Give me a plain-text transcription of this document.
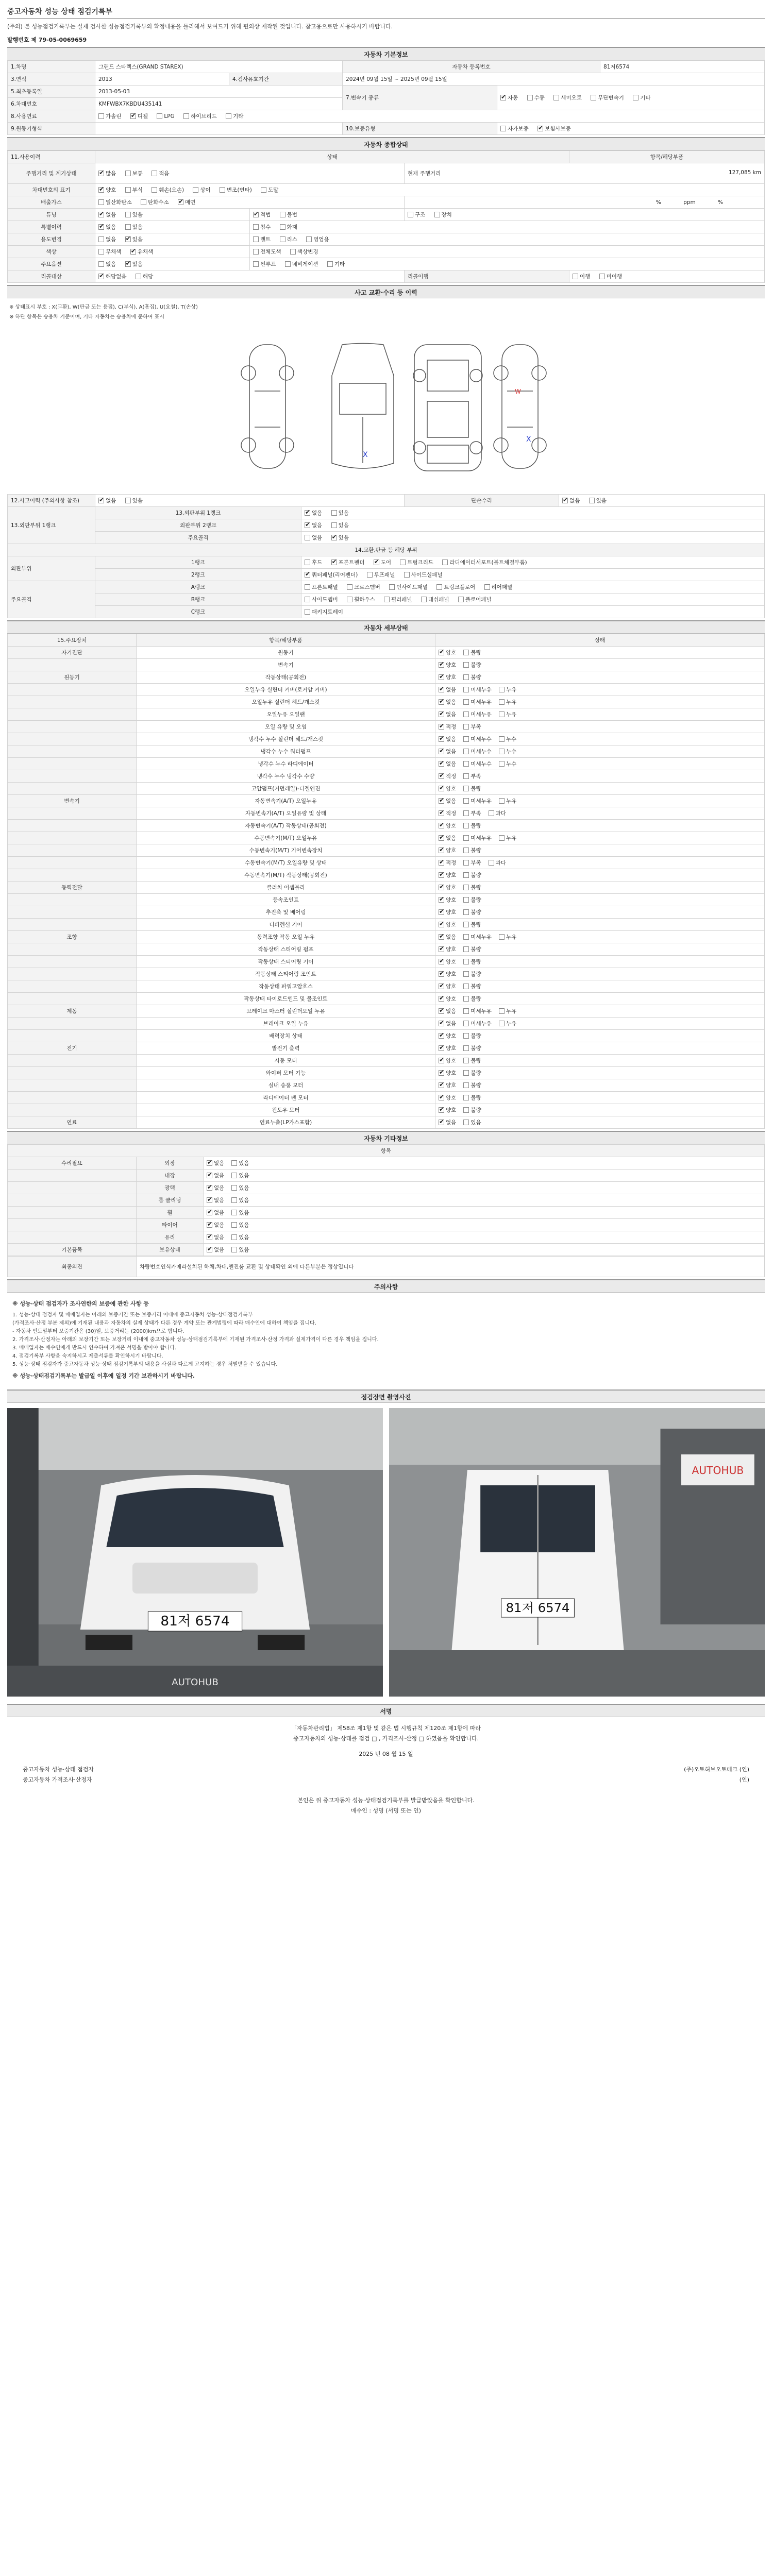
중고자동차 성능 상태 점검기록부
(주의) 본 성능점검기록부는 실제 검사한 성능점검기록부의 확정내용을 틀리해서 보여드기 위해 편의상 재작된 것입니다. 참고용으로만 사용하시기 바랍니다.
발행번호 제 79-05-0069659
자동차 기본정보
1.차명	그랜드 스타렉스(GRAND STAREX)		자동차 등록번호		81저6574
3.연식	2013	4.검사유효기간	2024년 09월 15일 ~ 2025년 09월 15일		
5.최초등록일	2013-05-03		7.변속기 종류	✔자동 수동 세미오토 무단변속기 기타
6.차대번호	KMFWBX7KBDU435141				
8.사용연료	가솔린 ✔ 디젤 LPG 하이브리드 기타
9.원동기형식			10.보증유형	자가보증 ✔ 보험사보증
자동차 종합상태
11.사용이력	상태			항목/해당부품
주행거리 및 계기상태	✔많음 보통 적음		현재 주행거리 127,085 km	

차대번호의 표기	✔양호 부식 훼손(오손) 상이 변조(변타) 도말
배출가스	일산화탄소 탄화수소 ✔ 매연		% ppm %	
튜닝	✔없음 있음	✔적법 불법	구조 장치	
특별이력	✔없음 있음	침수 화재		
용도변경	없음 ✔ 있음	렌트 리스 영업용		
색상	무채색 ✔ 유채색	전체도색 색상변경		
주요옵션	없음 ✔ 있음	썬루프 네비게이션 기타		
리콜대상	✔해당없음 해당		리콜이행	이행 미이행
사고 교환·수리 등 이력
※ 상태표시 부호 : X(교환), W(판금 또는 용접), C(부식), A(흠집), U(요철), T(손상)
※ 하단 항목은 승용차 기준이며, 기타 자동차는 승용차에 준하여 표시
X
X
W
12.사고이력 (주의사항 참조)	✔없음 있음		단순수리	✔없음 있음
13.외판부위 1랭크	13.외판부위 1랭크	✔없음 있음
	외판부위 2랭크	✔없음 있음
	주요골격	없음 ✔ 있음
14.교환,판금 등 해당 부위				
외판부위	1랭크	후드 ✔ 프론트펜더 ✔ 도어 트렁크리드 라디에이터서포트(볼트체결부품)
	2랭크	✔쿼터패널(리어펜더) 루프패널 사이드실패널
주요골격	A랭크	프론트패널 크로스멤버 인사이드패널 트렁크플로어 리어패널		
	B랭크	사이드멤버 휠하우스 필러패널 대쉬패널 플로어패널		
	C랭크	패키지트레이		
자동차 세부상태
15.주요장치	항목/해당부품	상태
자기진단	원동기	✔양호 불량
	변속기	✔양호 불량
원동기	작동상태(공회전)	✔양호 불량
	오일누유 실린더 커버(로커암 커버)	✔없음 미세누유 누유
	오일누유 실린더 헤드/개스킷	✔없음 미세누유 누유
	오일누유 오일팬	✔없음 미세누유 누유
	오일 유량 및 오염	✔적정 부족
	냉각수 누수 실린더 헤드/개스킷	✔없음 미세누수 누수
	냉각수 누수 워터펌프	✔없음 미세누수 누수
	냉각수 누수 라디에이터	✔없음 미세누수 누수
	냉각수 누수 냉각수 수량	✔적정 부족
	고압펌프(커먼레일)-디젤엔진	✔양호 불량
변속기	자동변속기(A/T) 오일누유	✔없음 미세누유 누유
	자동변속기(A/T) 오일유량 및 상태	✔적정 부족 과다
	자동변속기(A/T) 작동상태(공회전)	✔양호 불량
	수동변속기(M/T) 오일누유	✔없음 미세누유 누유
	수동변속기(M/T) 기어변속장치	✔양호 불량
	수동변속기(M/T) 오일유량 및 상태	✔적정 부족 과다
	수동변속기(M/T) 작동상태(공회전)	✔양호 불량
동력전달	클러치 어셈블리	✔양호 불량
	등속조인트	✔양호 불량
	추진축 및 베어링	✔양호 불량
	디퍼렌셜 기어	✔양호 불량
조향	동력조향 작동 오일 누유	✔없음 미세누유 누유
	작동상태 스티어링 펌프	✔양호 불량
	작동상태 스티어링 기어	✔양호 불량
	작동상태 스티어링 조인트	✔양호 불량
	작동상태 파워고압호스	✔양호 불량
	작동상태 타이로드엔드 및 볼조인트	✔양호 불량
제동	브레이크 마스터 실린더오일 누유	✔없음 미세누유 누유
	브레이크 오일 누유	✔없음 미세누유 누유
	배력장치 상태	✔양호 불량
전기	발전기 출력	✔양호 불량
	시동 모터	✔양호 불량
	와이퍼 모터 기능	✔양호 불량
	실내 송풍 모터	✔양호 불량
	라디에이터 팬 모터	✔양호 불량
	윈도우 모터	✔양호 불량
연료	연료누출(LP가스포함)	✔없음 있음
자동차 기타정보
항목		
수리필요	외장	✔없음 있음
	내장	✔없음 있음
	광택	✔없음 있음
	룸 클리닝	✔없음 있음
	휠	✔없음 있음
	타이어	✔없음 있음
	유리	✔없음 있음
기본품목	보유상태	✔없음 있음
최종의견	차량번호인식카메라설치된 하체,차대,엔진룸 교환 및 상태확인 외에 다른부분은 정상입니다
주의사항
※ 성능·상태 점검자가 조사연한의 보증에 관한 사항 등
1. 성능·상태 점검자 및 매매업자는 아래의 보증기간 또는 보증거리 이내에 중고자동차 성능·상태점검기록부
(가격조사·산정 부분 제외)에 기재된 내용과 자동차의 실제 상태가 다른 경우 계약 또는 관계법령에 따라 매수인에 대하여 책임을 집니다.
- 자동차 인도일부터 보증기간은 (30)일, 보증거리는 (2000)km으로 합니다.
2. 가격조사·산정자는 아래의 보장기간 또는 보장거리 이내에 중고자동차 성능·상태점검기록부에 기재된 가격조사·산정 가격과 실제가격이 다른 경우 책임을 집니다.
3. 매매업자는 매수인에게 반드시 인수하여 가져온 서명을 받아야 합니다.
4. 점검기록부 사항을 숙지하시고 제출서류를 확인하시기 바랍니다.
5. 성능·상태 점검자가 중고자동차 성능·상태 점검기록부의 내용을 사실과 다르게 고지하는 경우 처벌받을 수 있습니다.
※ 성능·상태점검기록부는 발급일 이후에 일정 기간 보관하시기 바랍니다.
점검장면 촬영사진
81저 6574
AUTOHUB
AUTOHUB
81저 6574
서명
「자동차관리법」 제58조 제1항 및 같은 법 시행규칙 제120조 제1항에 따라
중고자동차의 성능·상태를 점검 □ , 가격조사·산정 □ 하였음을 확인합니다.
2025 년 08 월 15 일
중고자동차 성능·상태 점검자	(주)오토허브오토테크 (인)
중고자동차 가격조사·산정자	(인)
본인은 위 중고자동차 성능·상태점검기록부를 발급받았음을 확인합니다.
매수인 : 성명 (서명 또는 인)
